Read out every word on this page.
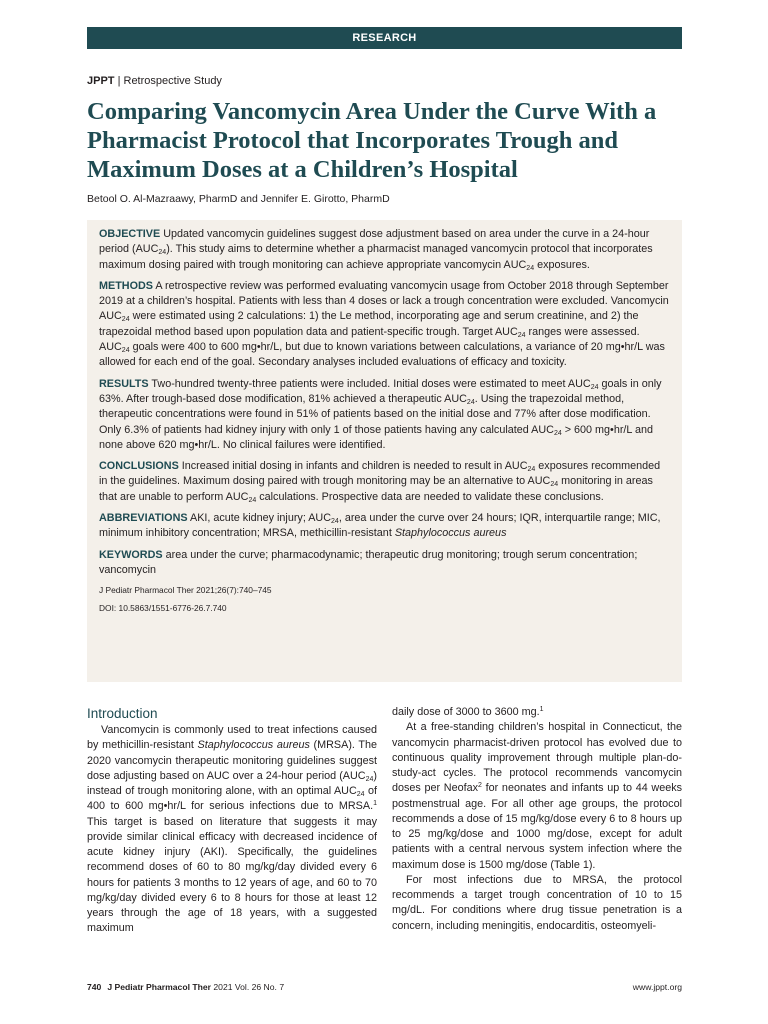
RESEARCH
JPPT | Retrospective Study
Comparing Vancomycin Area Under the Curve With a Pharmacist Protocol that Incorporates Trough and Maximum Doses at a Children’s Hospital
Betool O. Al-Mazraawy, PharmD and Jennifer E. Girotto, PharmD
OBJECTIVE Updated vancomycin guidelines suggest dose adjustment based on area under the curve in a 24-hour period $(AUC_{24})$. This study aims to determine whether a pharmacist managed vancomycin protocol that incorporates maximum dosing paired with trough monitoring can achieve appropriate vancomycin $AUC_{24}$ exposures.
METHODS A retrospective review was performed evaluating vancomycin usage from October 2018 through September 2019 at a children’s hospital. Patients with less than 4 doses or lack a trough concentration were excluded. Vancomycin $AUC_{24}$ were estimated using 2 calculations: 1) the Le method, incorporating age and serum creatinine, and 2) the trapezoidal method based upon population data and patient-specific trough. Target $AUC_{24}$ ranges were assessed. $AUC_{24}$ goals were 400 to 600 mg•hr/L, but due to known variations between calculations, a variance of 20 mg•hr/L was allowed for each end of the goal. Secondary analyses included evaluations of efficacy and toxicity.
RESULTS Two-hundred twenty-three patients were included. Initial doses were estimated to meet $AUC_{24}$ goals in only 63%. After trough-based dose modification, 81% achieved a therapeutic $AUC_{24}$. Using the trapezoidal method, therapeutic concentrations were found in 51% of patients based on the initial dose and 77% after dose modification. Only 6.3% of patients had kidney injury with only 1 of those patients having any calculated $AUC_{24} > 600$ mg•hr/L and none above 620 mg•hr/L. No clinical failures were identified.
CONCLUSIONS Increased initial dosing in infants and children is needed to result in $AUC_{24}$ exposures recommended in the guidelines. Maximum dosing paired with trough monitoring may be an alternative to $AUC_{24}$ monitoring in areas that are unable to perform $AUC_{24}$ calculations. Prospective data are needed to validate these conclusions.
ABBREVIATIONS AKI, acute kidney injury; $AUC_{24}$, area under the curve over 24 hours; IQR, interquartile range; MIC, minimum inhibitory concentration; MRSA, methicillin-resistant Staphylococcus aureus
KEYWORDS area under the curve; pharmacodynamic; therapeutic drug monitoring; trough serum concentration; vancomycin
J Pediatr Pharmacol Ther 2021;26(7):740–745
DOI: 10.5863/1551-6776-26.7.740
Introduction

Vancomycin is commonly used to treat infections caused by methicillin-resistant Staphylococcus aureus (MRSA). The 2020 vancomycin therapeutic monitoring guidelines suggest dose adjusting based on AUC over a 24-hour period $(AUC_{24})$ instead of trough monitoring alone, with an optimal $AUC_{24}$ of 400 to 600 mg•hr/L for serious infections due to MRSA.$^1$ This target is based on literature that suggests it may provide similar clinical efficacy with decreased incidence of acute kidney injury (AKI). Specifically, the guidelines recommend doses of 60 to 80 mg/kg/day divided every 6 hours for patients 3 months to 12 years of age, and 60 to 70 mg/kg/day divided every 6 to 8 hours for those at least 12 years through the age of 18 years, with a suggested maximum

daily dose of 3000 to 3600 mg.$^1$

At a free-standing children’s hospital in Connecticut, the vancomycin pharmacist-driven protocol has evolved due to continuous quality improvement through multiple plan-do-study-act cycles. The protocol recommends vancomycin doses per Neofax$^2$ for neonates and infants up to 44 weeks postmenstrual age. For all other age groups, the protocol recommends a dose of 15 mg/kg/dose every 6 to 8 hours up to 25 mg/kg/dose and 1000 mg/dose, except for adult patients with a central nervous system infection where the maximum dose is 1500 mg/dose (Table 1).

For most infections due to MRSA, the protocol recommends a target trough concentration of 10 to 15 mg/dL. For conditions where drug tissue penetration is a concern, including meningitis, endocarditis, osteomyeli-

740 J Pediatr Pharmacol Ther 2021 Vol. 26 No. 7	www.jppt.org
